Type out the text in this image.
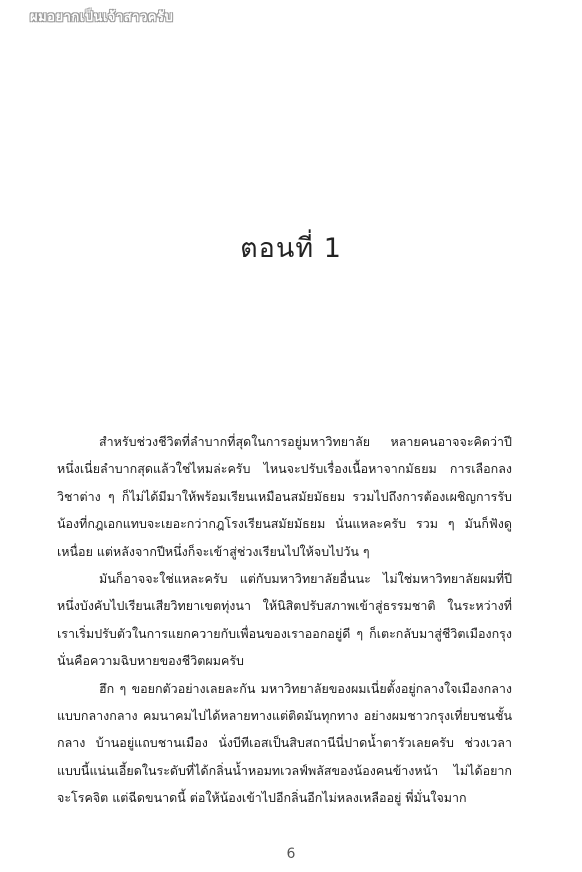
ผมอยากเป็นเจ้าสาวครับ
ตอนที่ 1

สำหรับช่วงชีวิตที่ลำบากที่สุดในการอยู่มหาวิทยาลัย หลายคนอาจจะคิดว่าปีหนึ่งเนี่ยลำบากสุดแล้วใช่ไหมล่ะครับ ไหนจะปรับเรื่องเนื้อหาจากมัธยม การเลือกลงวิชาต่าง ๆ ก็ไม่ได้มีมาให้พร้อมเรียนเหมือนสมัยมัธยม รวมไปถึงการต้องเผชิญการรับน้องที่กฎเอกแทบจะเยอะกว่ากฎโรงเรียนสมัยมัธยม นั่นแหละครับ รวม ๆ มันก็ฟังดูเหนื่อย แต่หลังจากปีหนึ่งก็จะเข้าสู่ช่วงเรียนไปให้จบไปวัน ๆ

มันก็อาจจะใช่แหละครับ แต่กับมหาวิทยาลัยอื่นนะ ไม่ใช่มหาวิทยาลัยผมที่ปีหนึ่งบังคับไปเรียนเสียวิทยาเขตทุ่งนา ให้นิสิตปรับสภาพเข้าสู่ธรรมชาติ ในระหว่างที่เราเริ่มปรับตัวในการแยกควายกับเพื่อนของเราออกอยู่ดี ๆ ก็เตะกลับมาสู่ชีวิตเมืองกรุง นั่นคือความฉิบหายของชีวิตผมครับ

ฮึก ๆ ขอยกตัวอย่างเลยละกัน มหาวิทยาลัยของผมเนี่ยตั้งอยู่กลางใจเมืองกลางแบบกลางกลาง คมนาคมไปได้หลายทางแต่ติดมันทุกทาง อย่างผมชาวกรุงเที่ยบชนชั้นกลาง บ้านอยู่แถบชานเมือง นั่งบีทีเอสเป็นสิบสถานีนี่ปาดน้ำตารัวเลยครับ ช่วงเวลาแบบนี้แน่นเอี้ยดในระดับที่ได้กลิ่นน้ำหอมทเวลฟ์พลัสของน้องคนข้างหน้า ไม่ได้อยากจะโรคจิต แต่ฉีดขนาดนี้ ต่อให้น้องเข้าไปอีกลิ่นอีกไม่หลงเหลืออยู่ พี่มั่นใจมาก

6
